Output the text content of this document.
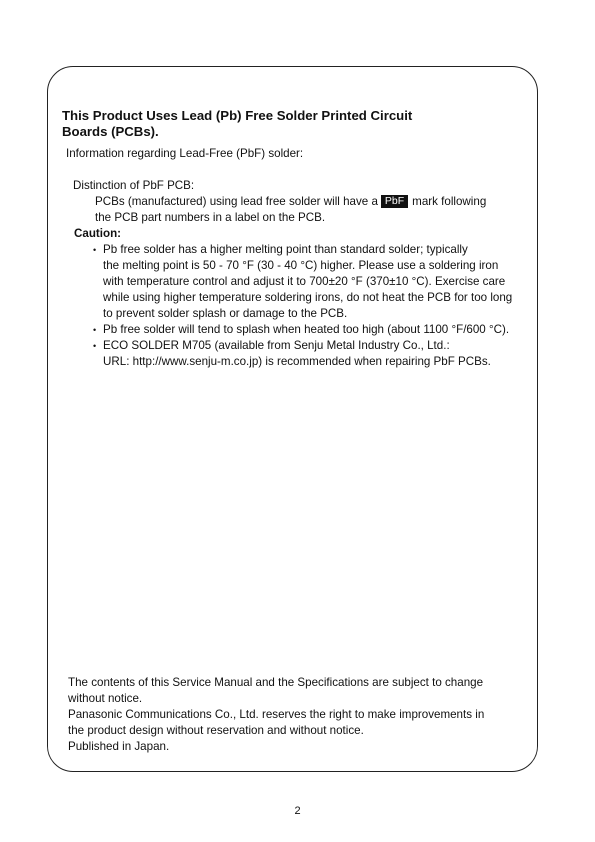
This Product Uses Lead (Pb) Free Solder Printed Circuit
Boards (PCBs).

Information regarding Lead-Free (PbF) solder:

Distinction of PbF PCB:

PCBs (manufactured) using lead free solder will have a PbF mark following

the PCB part numbers in a label on the PCB.

Caution:

• Pb free solder has a higher melting point than standard solder; typically

the melting point is 50 - 70 °F (30 - 40 °C) higher. Please use a soldering iron

with temperature control and adjust it to 700±20 °F (370±10 °C). Exercise care

while using higher temperature soldering irons, do not heat the PCB for too long

to prevent solder splash or damage to the PCB.

• Pb free solder will tend to splash when heated too high (about 1100 °F/600 °C).

• ECO SOLDER M705 (available from Senju Metal Industry Co., Ltd.:

URL: http://www.senju-m.co.jp) is recommended when repairing PbF PCBs.

The contents of this Service Manual and the Specifications are subject to change

without notice.

Panasonic Communications Co., Ltd. reserves the right to make improvements in

the product design without reservation and without notice.

Published in Japan.

2
